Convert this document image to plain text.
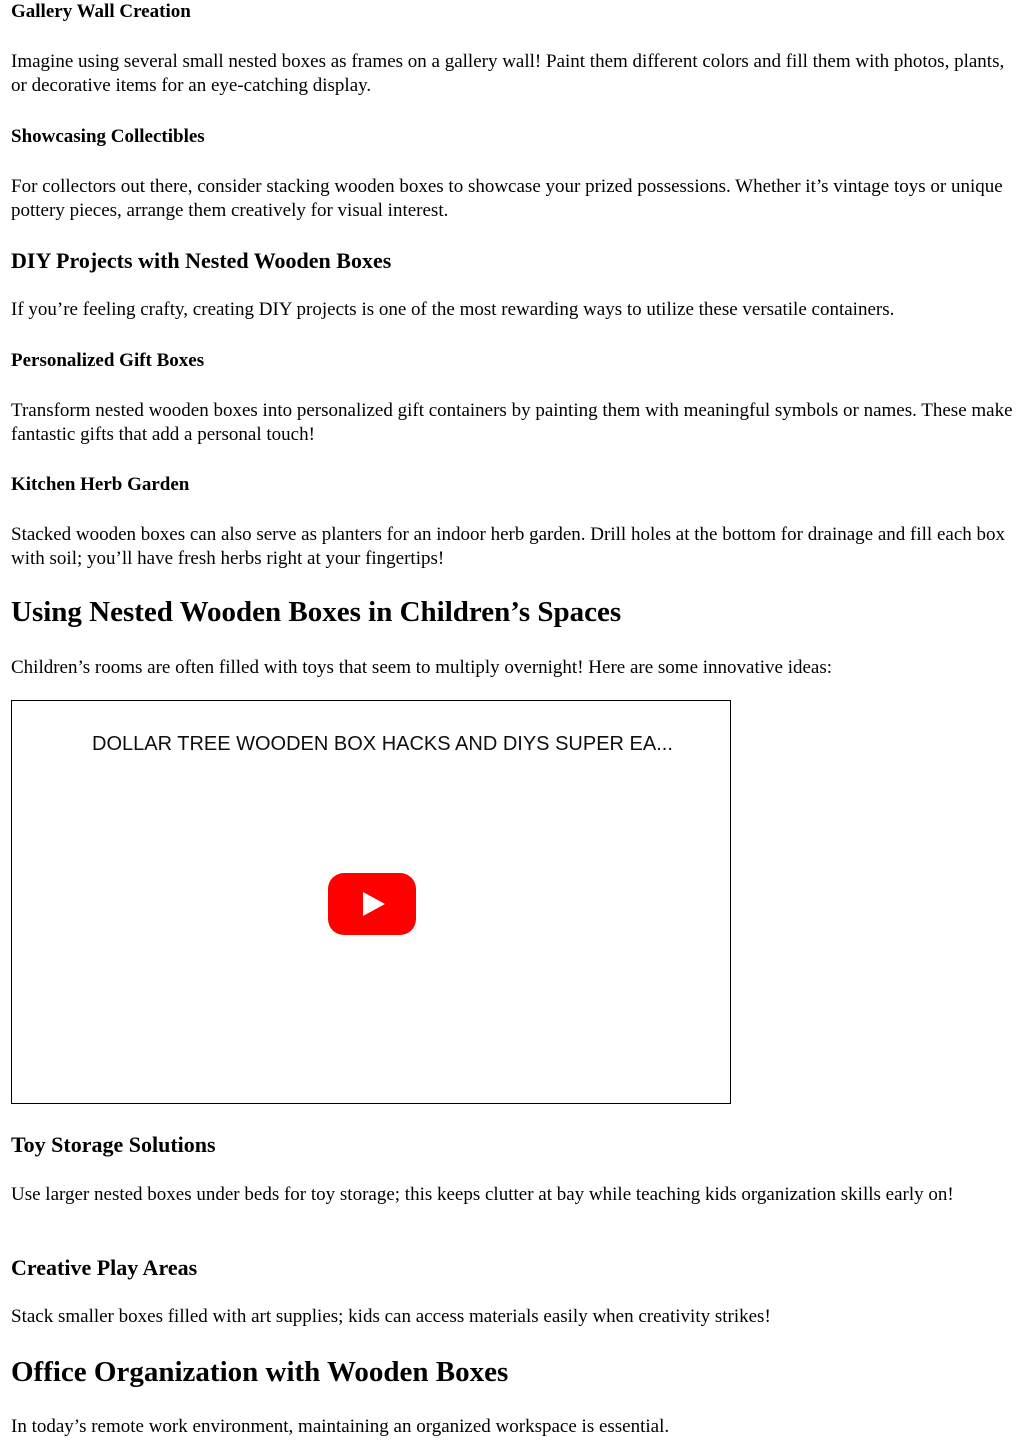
Gallery Wall Creation

Imagine using several small nested boxes as frames on a gallery wall! Paint them different colors and fill them with photos, plants, or decorative items for an eye-catching display.

Showcasing Collectibles

For collectors out there, consider stacking wooden boxes to showcase your prized possessions. Whether it’s vintage toys or unique pottery pieces, arrange them creatively for visual interest.

DIY Projects with Nested Wooden Boxes

If you’re feeling crafty, creating DIY projects is one of the most rewarding ways to utilize these versatile containers.

Personalized Gift Boxes

Transform nested wooden boxes into personalized gift containers by painting them with meaningful symbols or names. These make fantastic gifts that add a personal touch!

Kitchen Herb Garden

Stacked wooden boxes can also serve as planters for an indoor herb garden. Drill holes at the bottom for drainage and fill each box with soil; you’ll have fresh herbs right at your fingertips!

Using Nested Wooden Boxes in Children’s Spaces

Children’s rooms are often filled with toys that seem to multiply overnight! Here are some innovative ideas:

DOLLAR TREE WOODEN BOX HACKS AND DIYS SUPER EA...
Toy Storage Solutions

Use larger nested boxes under beds for toy storage; this keeps clutter at bay while teaching kids organization skills early on!

Creative Play Areas

Stack smaller boxes filled with art supplies; kids can access materials easily when creativity strikes!

Office Organization with Wooden Boxes

In today’s remote work environment, maintaining an organized workspace is essential.
